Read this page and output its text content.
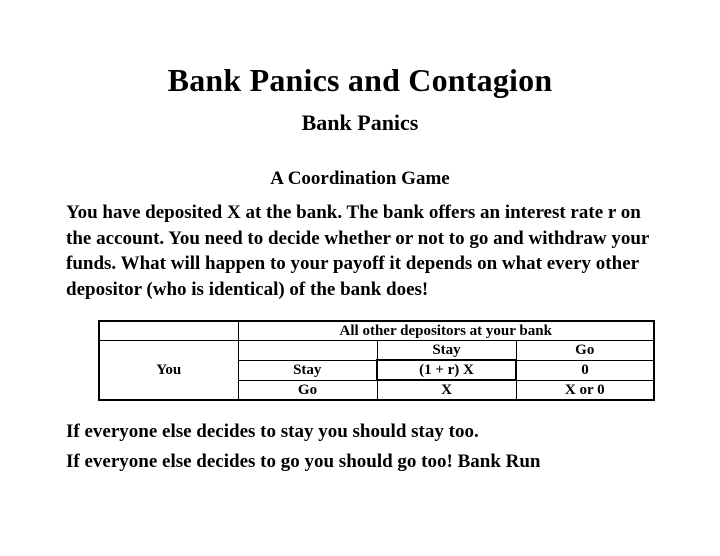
Bank Panics and Contagion
Bank Panics
A Coordination Game

You have deposited X at the bank. The bank offers an interest rate r on the account. You need to decide whether or not to go and withdraw your funds. What will happen to your payoff it depends on what every other depositor (who is identical) of the bank does!

	All other depositors at your bank		
You		Stay	Go
	Stay	(1 + r) X	0
	Go	X	X or 0
If everyone else decides to stay you should stay too.
If everyone else decides to go you should go too! Bank Run
